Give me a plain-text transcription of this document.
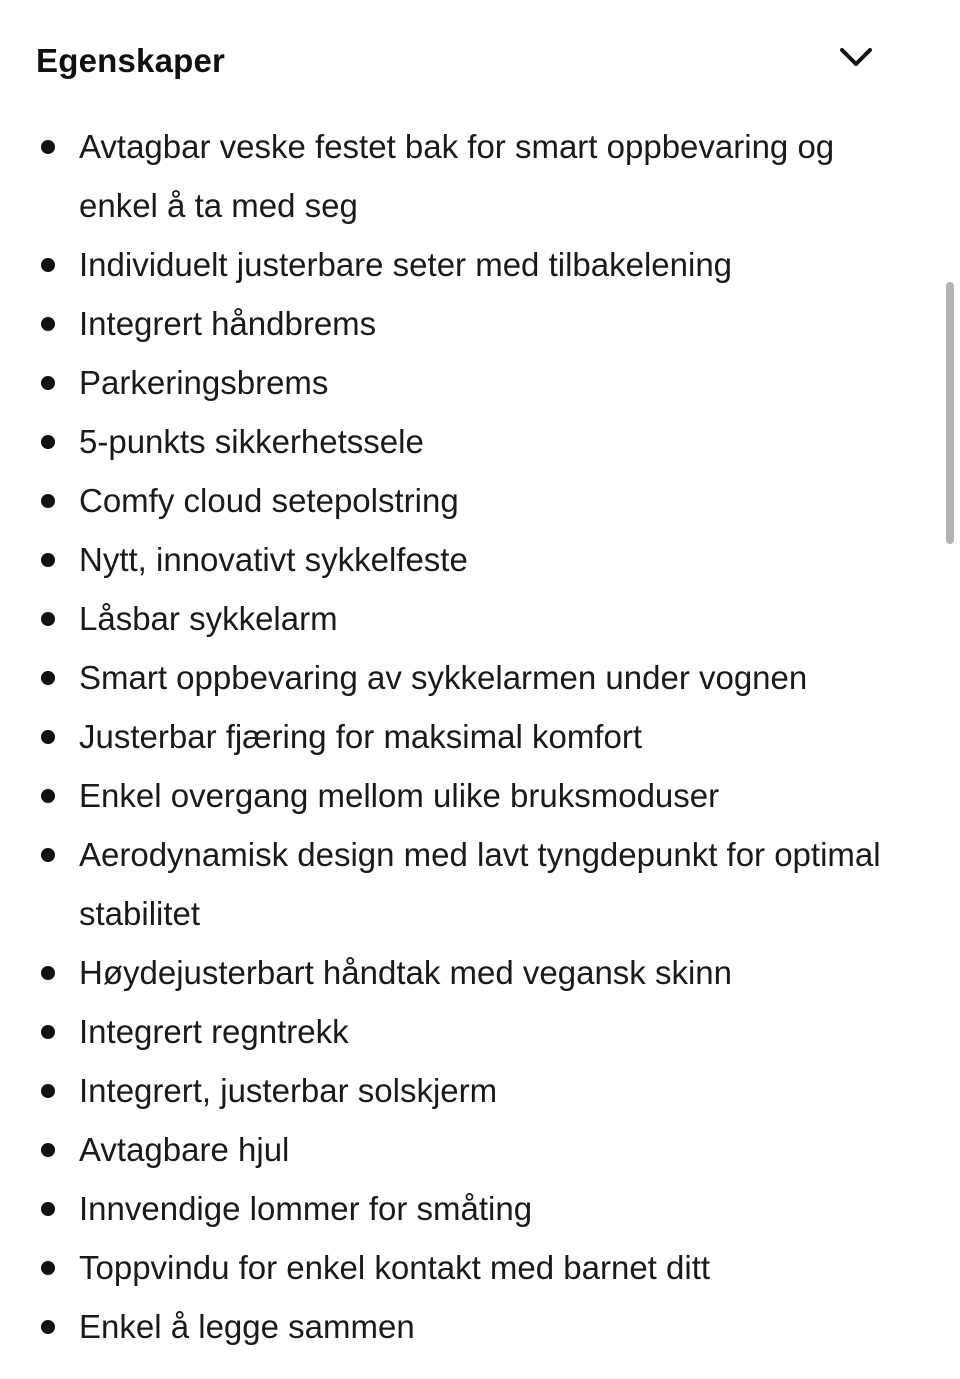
Egenskaper
Avtagbar veske festet bak for smart oppbevaring og enkel å ta med seg
Individuelt justerbare seter med tilbakelening
Integrert håndbrems
Parkeringsbrems
5-punkts sikkerhetssele
Comfy cloud setepolstring
Nytt, innovativt sykkelfeste
Låsbar sykkelarm
Smart oppbevaring av sykkelarmen under vognen
Justerbar fjæring for maksimal komfort
Enkel overgang mellom ulike bruksmoduser
Aerodynamisk design med lavt tyngdepunkt for optimal stabilitet
Høydejusterbart håndtak med vegansk skinn
Integrert regntrekk
Integrert, justerbar solskjerm
Avtagbare hjul
Innvendige lommer for småting
Toppvindu for enkel kontakt med barnet ditt
Enkel å legge sammen
